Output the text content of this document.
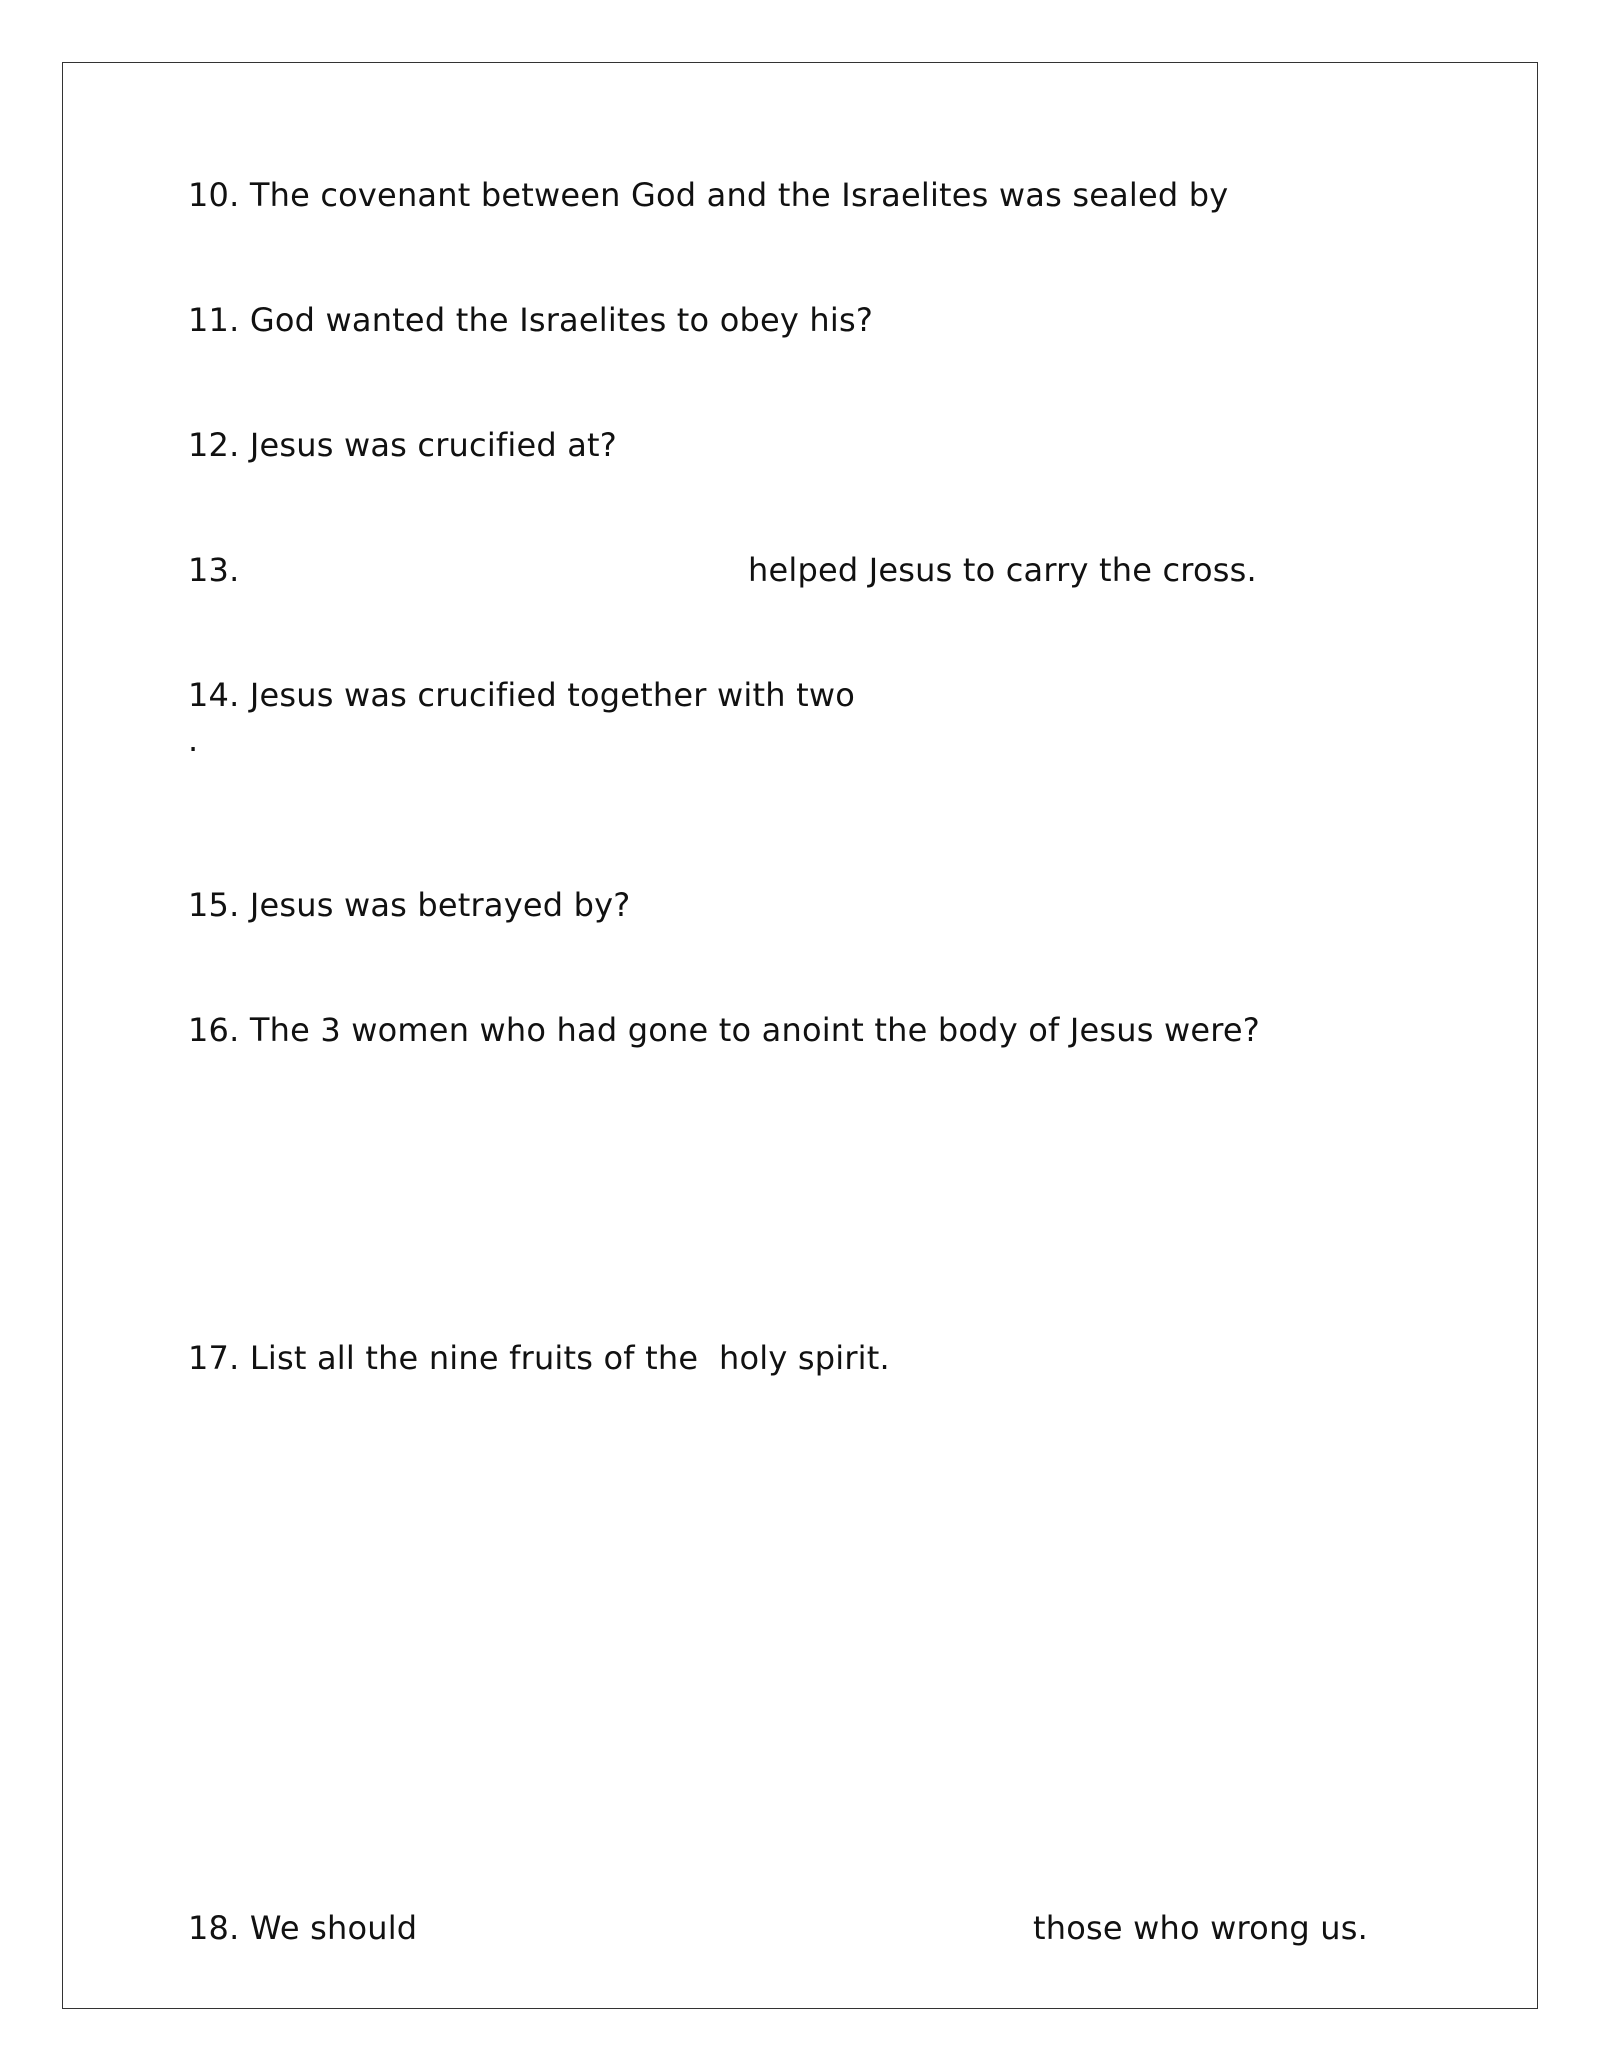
10. The covenant between God and the Israelites was sealed by
11. God wanted the Israelites to obey his?
12. Jesus was crucified at?
13.	helped Jesus to carry the cross.
14. Jesus was crucified together with two
.
15. Jesus was betrayed by?
16. The 3 women who had gone to anoint the body of Jesus were?
17. List all the nine fruits of the  holy spirit.
18. We should	those who wrong us.
